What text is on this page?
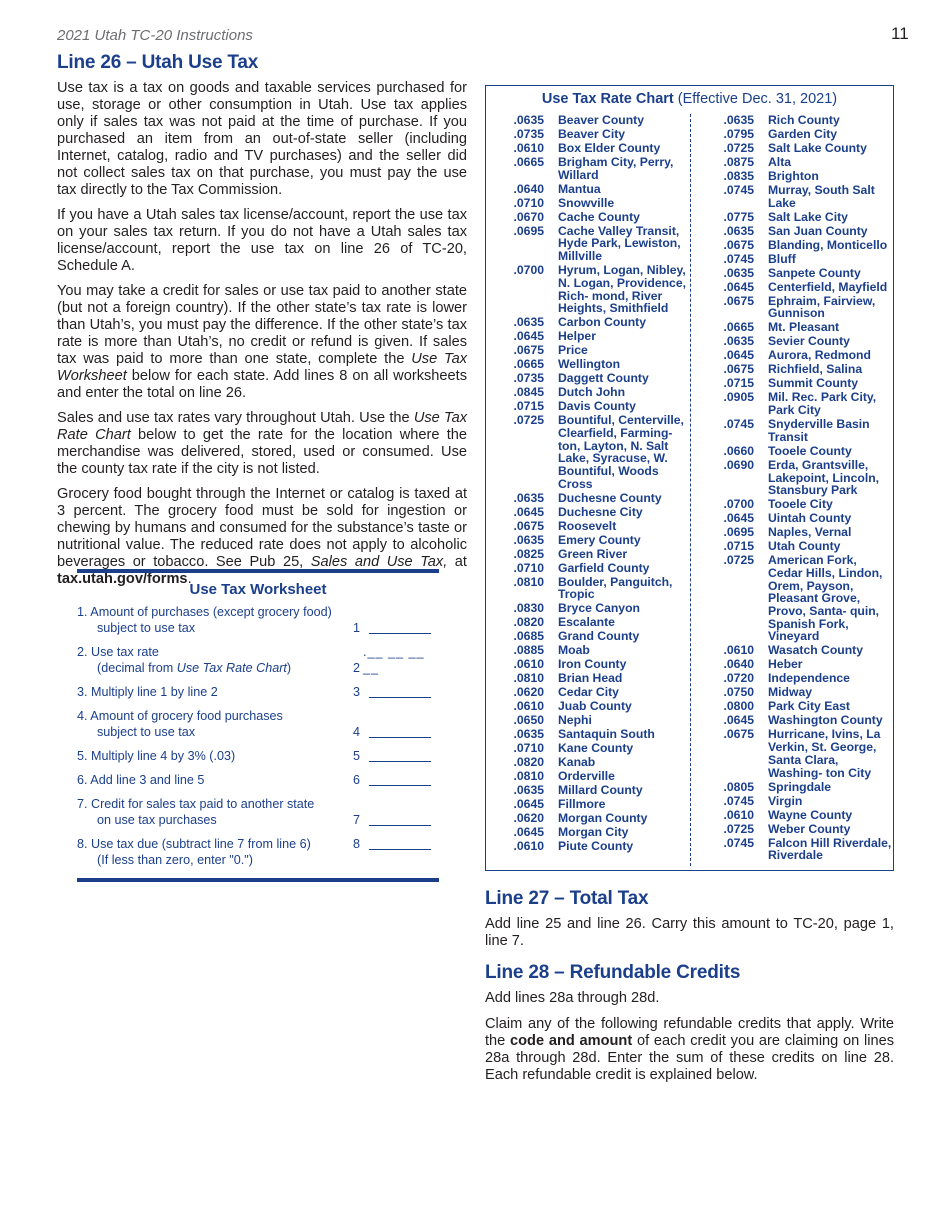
2021 Utah TC-20 Instructions	11
Line 26 – Utah Use Tax

Use tax is a tax on goods and taxable services purchased for use, storage or other consumption in Utah. Use tax applies only if sales tax was not paid at the time of purchase. If you purchased an item from an out-of-state seller (including Internet, catalog, radio and TV purchases) and the seller did not collect sales tax on that purchase, you must pay the use tax directly to the Tax Commission.

If you have a Utah sales tax license/account, report the use tax on your sales tax return. If you do not have a Utah sales tax license/account, report the use tax on line 26 of TC-20, Schedule A.

You may take a credit for sales or use tax paid to another state (but not a foreign country). If the other state’s tax rate is lower than Utah’s, you must pay the difference. If the other state’s tax rate is more than Utah’s, no credit or refund is given. If sales tax was paid to more than one state, complete the Use Tax Worksheet below for each state. Add lines 8 on all worksheets and enter the total on line 26.

Sales and use tax rates vary throughout Utah. Use the Use Tax Rate Chart below to get the rate for the location where the merchandise was delivered, stored, used or consumed. Use the county tax rate if the city is not listed.

Grocery food bought through the Internet or catalog is taxed at 3 percent. The grocery food must be sold for ingestion or chewing by humans and consumed for the substance’s taste or nutritional value. The reduced rate does not apply to alcoholic beverages or tobacco. See Pub 25, Sales and Use Tax, at tax.utah.gov/forms.

Use Tax Worksheet
1. Amount of purchases (except grocery food)
subject to use tax	1
2. Use tax rate
(decimal from Use Tax Rate Chart)	2
.__ __ __ __
3. Multiply line 1 by line 2	3
4. Amount of grocery food purchases
subject to use tax	4
5. Multiply line 4 by 3% (.03)	5
6. Add line 3 and line 5	6
7. Credit for sales tax paid to another state
on use tax purchases	7
8. Use tax due (subtract line 7 from line 6)
(If less than zero, enter "0.")
8
Use Tax Rate Chart (Effective Dec. 31, 2021)
.0635 Beaver County
.0735 Beaver City
.0610 Box Elder County
.0665 Brigham City, Perry, Willard
.0640 Mantua
.0710 Snowville
.0670 Cache County
.0695 Cache Valley Transit, Hyde Park, Lewiston, Millville
.0700 Hyrum, Logan, Nibley, N. Logan, Providence, Rich- mond, River Heights, Smithfield
.0635 Carbon County
.0645 Helper
.0675 Price
.0665 Wellington
.0735 Daggett County
.0845 Dutch John
.0715 Davis County
.0725 Bountiful, Centerville, Clearfield, Farming- ton, Layton, N. Salt Lake, Syracuse, W. Bountiful, Woods Cross
.0635 Duchesne County
.0645 Duchesne City
.0675 Roosevelt
.0635 Emery County
.0825 Green River
.0710 Garfield County
.0810 Boulder, Panguitch, Tropic
.0830 Bryce Canyon
.0820 Escalante
.0685 Grand County
.0885 Moab
.0610 Iron County
.0810 Brian Head
.0620 Cedar City
.0610 Juab County
.0650 Nephi
.0635 Santaquin South
.0710 Kane County
.0820 Kanab
.0810 Orderville
.0635 Millard County
.0645 Fillmore
.0620 Morgan County
.0645 Morgan City
.0610 Piute County
.0635 Rich County
.0795 Garden City
.0725 Salt Lake County
.0875 Alta
.0835 Brighton
.0745 Murray, South Salt Lake
.0775 Salt Lake City
.0635 San Juan County
.0675 Blanding, Monticello
.0745 Bluff
.0635 Sanpete County
.0645 Centerfield, Mayfield
.0675 Ephraim, Fairview, Gunnison
.0665 Mt. Pleasant
.0635 Sevier County
.0645 Aurora, Redmond
.0675 Richfield, Salina
.0715 Summit County
.0905 Mil. Rec. Park City, Park City
.0745 Snyderville Basin Transit
.0660 Tooele County
.0690 Erda, Grantsville, Lakepoint, Lincoln, Stansbury Park
.0700 Tooele City
.0645 Uintah County
.0695 Naples, Vernal
.0715 Utah County
.0725 American Fork, Cedar Hills, Lindon, Orem, Payson, Pleasant Grove, Provo, Santa- quin, Spanish Fork, Vineyard
.0610 Wasatch County
.0640 Heber
.0720 Independence
.0750 Midway
.0800 Park City East
.0645 Washington County
.0675 Hurricane, Ivins, La Verkin, St. George, Santa Clara, Washing- ton City
.0805 Springdale
.0745 Virgin
.0610 Wayne County
.0725 Weber County
.0745 Falcon Hill Riverdale, Riverdale
Line 27 – Total Tax

Add line 25 and line 26. Carry this amount to TC-20, page 1, line 7.

Line 28 – Refundable Credits

Add lines 28a through 28d.

Claim any of the following refundable credits that apply. Write the code and amount of each credit you are claiming on lines 28a through 28d. Enter the sum of these credits on line 28. Each refundable credit is explained below.
